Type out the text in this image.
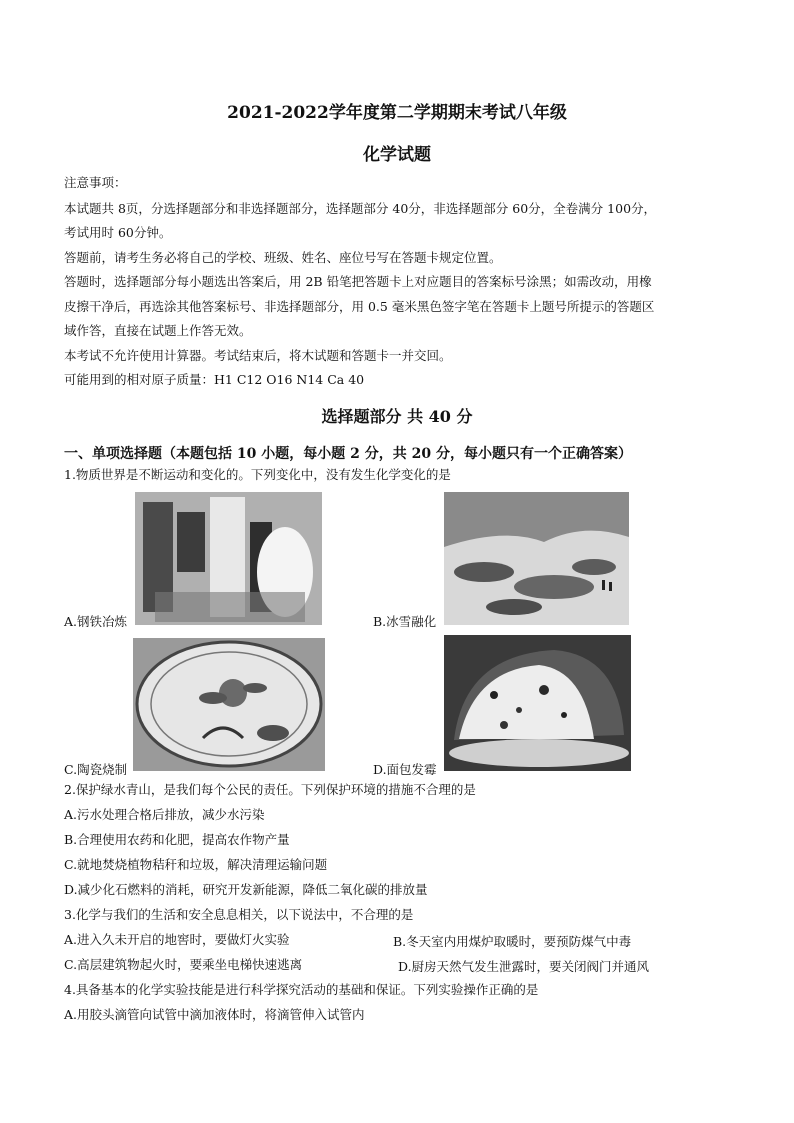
2021-2022学年度第二学期期末考试八年级
化学试题
注意事项：
本试题共 8页，分选择题部分和非选择题部分，选择题部分 40分，非选择题部分 60分，全卷满分 100分，
考试用时 60分钟。
答题前，请考生务必将自己的学校、班级、姓名、座位号写在答题卡规定位置。
答题时，选择题部分每小题选出答案后，用 2B 铅笔把答题卡上对应题目的答案标号涂黑；如需改动，用橡
皮擦干净后，再选涂其他答案标号、非选择题部分，用 0.5 毫米黑色签字笔在答题卡上题号所提示的答题区
域作答，直接在试题上作答无效。
本考试不允许使用计算器。考试结束后，将木试题和答题卡一并交回。
可能用到的相对原子质量：H1 C12 O16 N14 Ca 40
选择题部分 共 40 分
一、单项选择题（本题包括 10 小题，每小题 2 分，共 20 分，每小题只有一个正确答案）
1.物质世界是不断运动和变化的。下列变化中，没有发生化学变化的是
A.钢铁冶炼	B.冰雪融化
C.陶瓷烧制	D.面包发霉
2.保护绿水青山，是我们每个公民的责任。下列保护环境的措施不合理的是
A.污水处理合格后排放，减少水污染
B.合理使用农药和化肥，提高农作物产量
C.就地焚烧植物秸秆和垃圾，解决清理运输问题
D.减少化石燃料的消耗，研究开发新能源，降低二氧化碳的排放量
3.化学与我们的生活和安全息息相关，以下说法中，不合理的是
A.进入久未开启的地窖时，要做灯火实验	B.冬天室内用煤炉取暖时，要预防煤气中毒
C.高层建筑物起火时，要乘坐电梯快速逃离	D.厨房天然气发生泄露时，要关闭阀门并通风
4.具备基本的化学实验技能是进行科学探究活动的基础和保证。下列实验操作正确的是
A.用胶头滴管向试管中滴加液体时，将滴管伸入试管内
